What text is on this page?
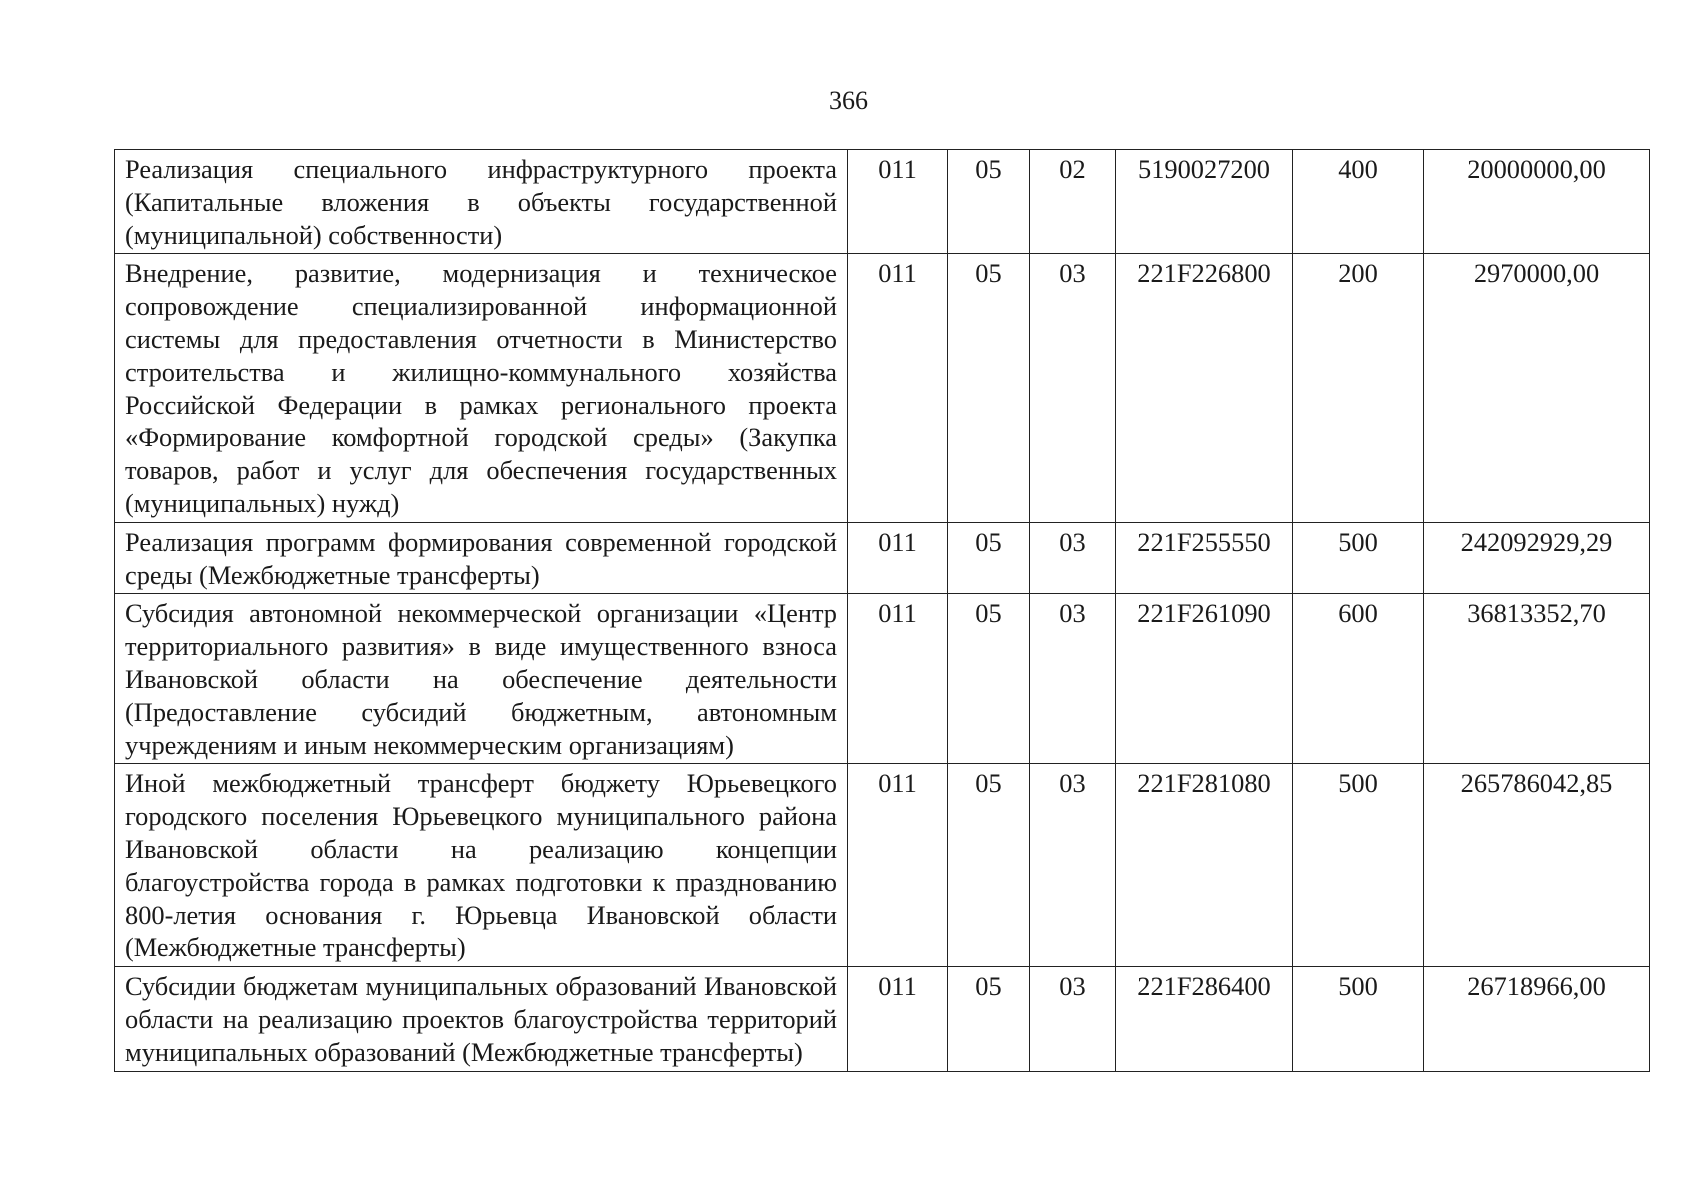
366
Реализация специального инфраструктурного проекта (Капитальные вложения в объекты государственной (муниципальной) собственности)	011	05	02	5190027200	400	20000000,00
Внедрение, развитие, модернизация и техническое сопровождение специализированной информационной системы для предоставления отчетности в Министерство строительства и жилищно-коммунального хозяйства Российской Федерации в рамках регионального проекта «Формирование комфортной городской среды» (Закупка товаров, работ и услуг для обеспечения государственных (муниципальных) нужд)	011	05	03	221F226800	200	2970000,00
Реализация программ формирования современной городской среды (Межбюджетные трансферты)	011	05	03	221F255550	500	242092929,29
Субсидия автономной некоммерческой организации «Центр территориального развития» в виде имущественного взноса Ивановской области на обеспечение деятельности (Предоставление субсидий бюджетным, автономным учреждениям и иным некоммерческим организациям)	011	05	03	221F261090	600	36813352,70
Иной межбюджетный трансферт бюджету Юрьевецкого городского поселения Юрьевецкого муниципального района Ивановской области на реализацию концепции благоустройства города в рамках подготовки к празднованию 800-летия основания г. Юрьевца Ивановской области (Межбюджетные трансферты)	011	05	03	221F281080	500	265786042,85
Субсидии бюджетам муниципальных образований Ивановской области на реализацию проектов благоустройства территорий муниципальных образований (Межбюджетные трансферты)	011	05	03	221F286400	500	26718966,00
